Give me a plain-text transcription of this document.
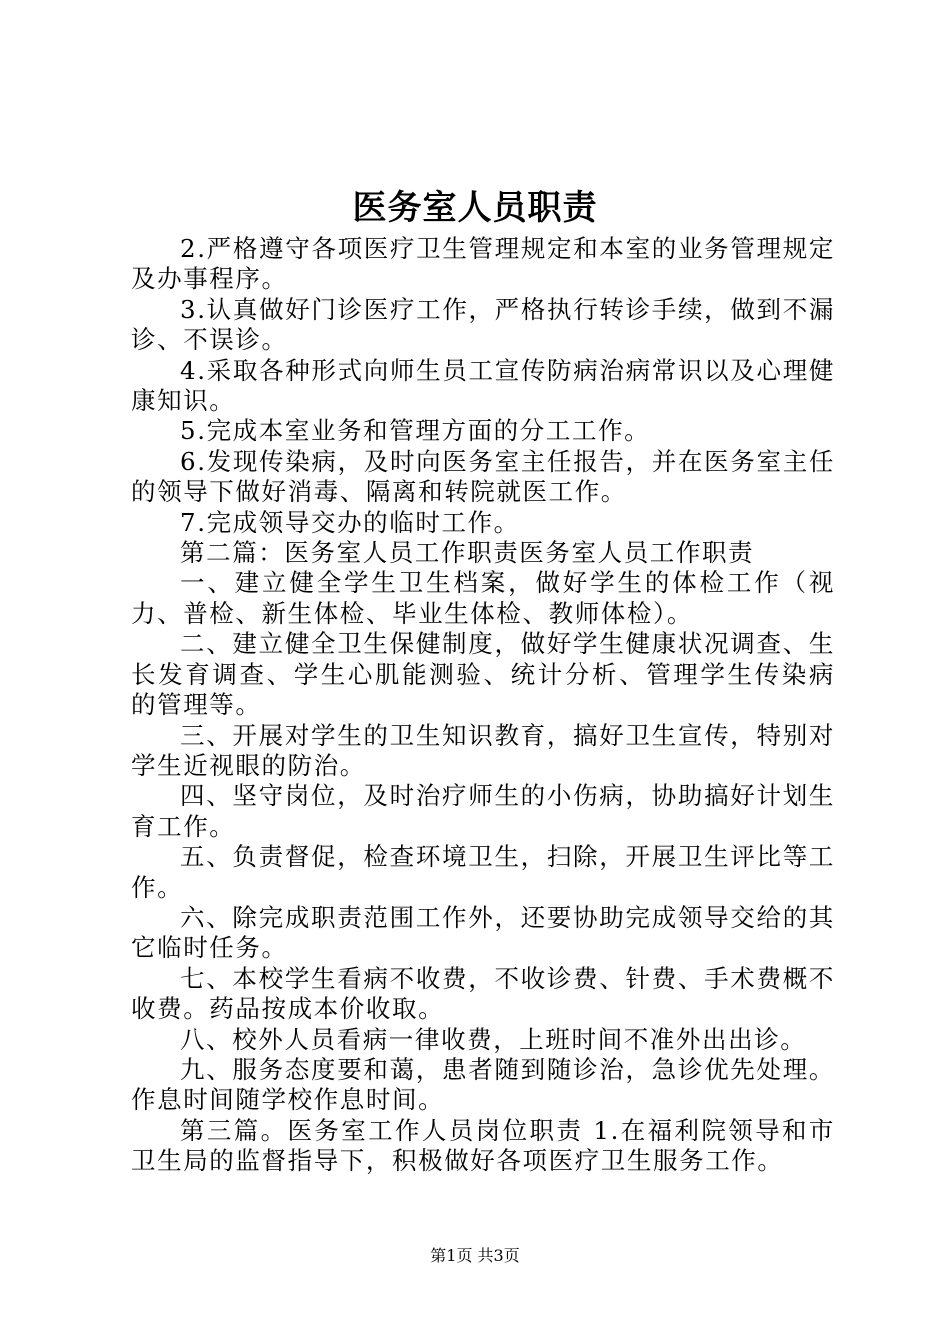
医务室人员职责

2.严格遵守各项医疗卫生管理规定和本室的业务管理规定及办事程序。

3.认真做好门诊医疗工作，严格执行转诊手续，做到不漏诊、不误诊。

4.采取各种形式向师生员工宣传防病治病常识以及心理健康知识。

5.完成本室业务和管理方面的分工工作。

6.发现传染病，及时向医务室主任报告，并在医务室主任的领导下做好消毒、隔离和转院就医工作。

7.完成领导交办的临时工作。

第二篇：医务室人员工作职责医务室人员工作职责

一、建立健全学生卫生档案，做好学生的体检工作（视力、普检、新生体检、毕业生体检、教师体检）。

二、建立健全卫生保健制度，做好学生健康状况调查、生长发育调查、学生心肌能测验、统计分析、管理学生传染病的管理等。

三、开展对学生的卫生知识教育，搞好卫生宣传，特别对学生近视眼的防治。

四、坚守岗位，及时治疗师生的小伤病，协助搞好计划生育工作。

五、负责督促，检查环境卫生，扫除，开展卫生评比等工作。

六、除完成职责范围工作外，还要协助完成领导交给的其它临时任务。

七、本校学生看病不收费，不收诊费、针费、手术费概不收费。药品按成本价收取。

八、校外人员看病一律收费，上班时间不准外出出诊。

九、服务态度要和蔼，患者随到随诊治，急诊优先处理。作息时间随学校作息时间。

第三篇。医务室工作人员岗位职责 1.在福利院领导和市卫生局的监督指导下，积极做好各项医疗卫生服务工作。

第1页 共3页
